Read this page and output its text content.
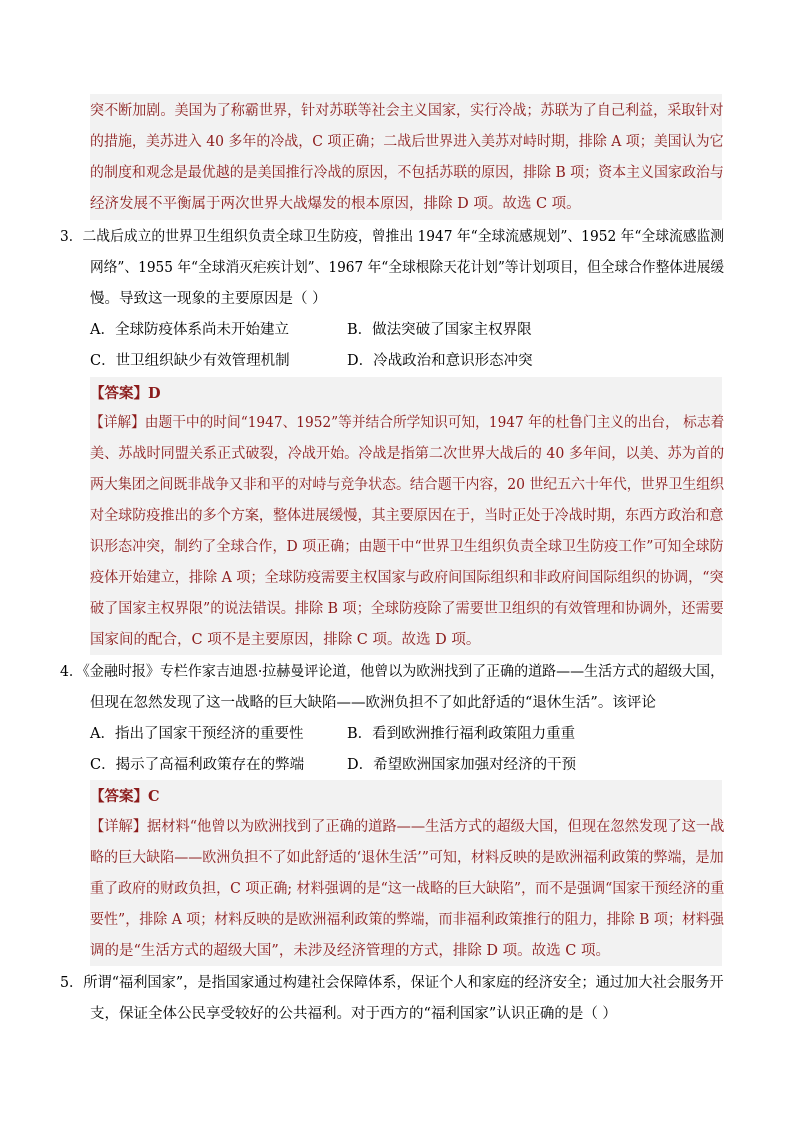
突不断加剧。美国为了称霸世界，针对苏联等社会主义国家，实行冷战；苏联为了自己利益，采取针对
的措施，美苏进入 40 多年的冷战，C 项正确；二战后世界进入美苏对峙时期，排除 A 项；美国认为它
的制度和观念是最优越的是美国推行冷战的原因，不包括苏联的原因，排除 B 项；资本主义国家政治与
经济发展不平衡属于两次世界大战爆发的根本原因，排除 D 项。故选 C 项。
3．二战后成立的世界卫生组织负责全球卫生防疫，曾推出 1947 年“全球流感规划”、1952 年“全球流感监测
网络”、1955 年“全球消灭疟疾计划”、1967 年“全球根除天花计划”等计划项目，但全球合作整体进展缓
慢。导致这一现象的主要原因是（ ）
A．全球防疫体系尚未开始建立	B．做法突破了国家主权界限
C．世卫组织缺少有效管理机制	D．冷战政治和意识形态冲突
【答案】D
【详解】由题干中的时间“1947、1952”等并结合所学知识可知，1947 年的杜鲁门主义的出台， 标志着
美、苏战时同盟关系正式破裂，冷战开始。冷战是指第二次世界大战后的 40 多年间，以美、苏为首的
两大集团之间既非战争又非和平的对峙与竞争状态。结合题干内容，20 世纪五六十年代，世界卫生组织
对全球防疫推出的多个方案，整体进展缓慢，其主要原因在于，当时正处于冷战时期，东西方政治和意
识形态冲突，制约了全球合作，D 项正确；由题干中“世界卫生组织负责全球卫生防疫工作”可知全球防
疫体开始建立，排除 A 项；全球防疫需要主权国家与政府间国际组织和非政府间国际组织的协调，“突
破了国家主权界限”的说法错误。排除 B 项；全球防疫除了需要世卫组织的有效管理和协调外，还需要
国家间的配合，C 项不是主要原因，排除 C 项。故选 D 项。
4．《金融时报》专栏作家吉迪恩·拉赫曼评论道，他曾以为欧洲找到了正确的道路——生活方式的超级大国，
但现在忽然发现了这一战略的巨大缺陷——欧洲负担不了如此舒适的“退休生活”。该评论
A．指出了国家干预经济的重要性	B．看到欧洲推行福利政策阻力重重
C．揭示了高福利政策存在的弊端	D．希望欧洲国家加强对经济的干预
【答案】C
【详解】据材料“他曾以为欧洲找到了正确的道路——生活方式的超级大国，但现在忽然发现了这一战
略的巨大缺陷——欧洲负担不了如此舒适的‘退休生活’”可知，材料反映的是欧洲福利政策的弊端，是加
重了政府的财政负担，C 项正确; 材料强调的是“这一战略的巨大缺陷”，而不是强调“国家干预经济的重
要性”，排除 A 项；材料反映的是欧洲福利政策的弊端，而非福利政策推行的阻力，排除 B 项；材料强
调的是“生活方式的超级大国”，未涉及经济管理的方式，排除 D 项。故选 C 项。
5．所谓“福利国家”，是指国家通过构建社会保障体系，保证个人和家庭的经济安全；通过加大社会服务开
支，保证全体公民享受较好的公共福利。对于西方的“福利国家”认识正确的是（ ）
